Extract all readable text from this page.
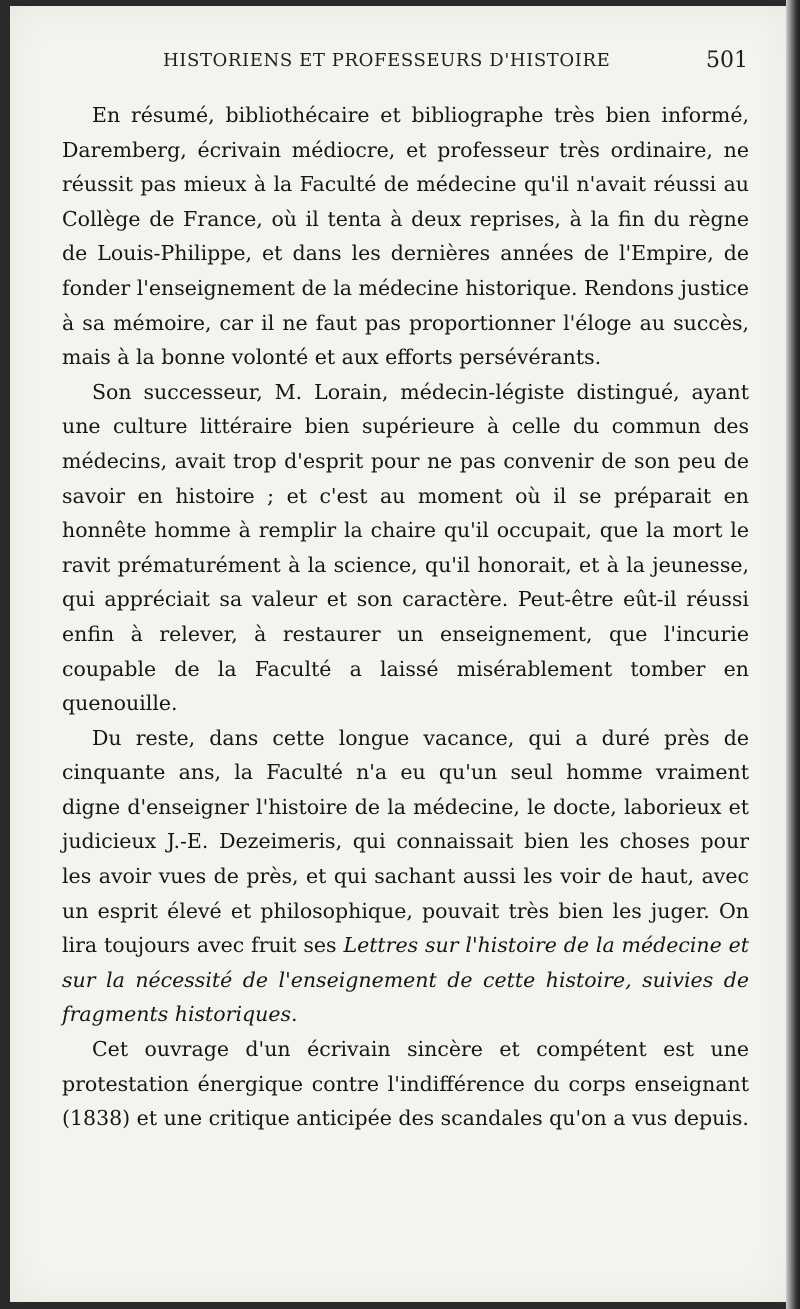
HISTORIENS ET PROFESSEURS D'HISTOIRE	501

En résumé, bibliothécaire et bibliographe très bien informé, Daremberg, écrivain médiocre, et professeur très ordinaire, ne réussit pas mieux à la Faculté de médecine qu'il n'avait réussi au Collège de France, où il tenta à deux reprises, à la fin du règne de Louis-Philippe, et dans les dernières années de l'Empire, de fonder l'enseignement de la médecine historique. Rendons justice à sa mémoire, car il ne faut pas proportionner l'éloge au succès, mais à la bonne volonté et aux efforts persévérants.

Son successeur, M. Lorain, médecin-légiste distingué, ayant une culture littéraire bien supérieure à celle du commun des médecins, avait trop d'esprit pour ne pas convenir de son peu de savoir en histoire ; et c'est au moment où il se préparait en honnête homme à remplir la chaire qu'il occupait, que la mort le ravit prématurément à la science, qu'il honorait, et à la jeunesse, qui appréciait sa valeur et son caractère. Peut-être eût-il réussi enfin à relever, à restaurer un enseignement, que l'incurie coupable de la Faculté a laissé misérablement tomber en quenouille.

Du reste, dans cette longue vacance, qui a duré près de cinquante ans, la Faculté n'a eu qu'un seul homme vraiment digne d'enseigner l'histoire de la médecine, le docte, laborieux et judicieux J.-E. Dezeimeris, qui connaissait bien les choses pour les avoir vues de près, et qui sachant aussi les voir de haut, avec un esprit élevé et philosophique, pouvait très bien les juger. On lira toujours avec fruit ses Lettres sur l'histoire de la médecine et sur la nécessité de l'enseignement de cette histoire, suivies de fragments historiques.

Cet ouvrage d'un écrivain sincère et compétent est une protestation énergique contre l'indifférence du corps enseignant (1838) et une critique anticipée des scandales qu'on a vus depuis.
